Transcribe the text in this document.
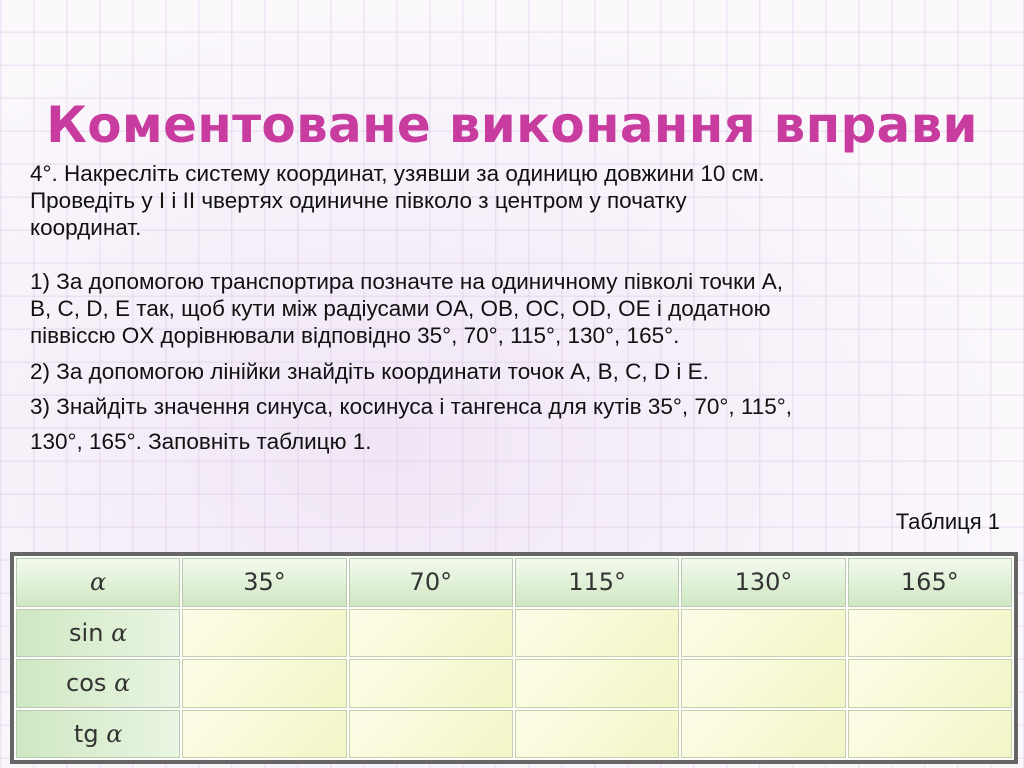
Коментоване виконання вправи

4°. Накресліть систему координат, узявши за одиницю довжини 10 см.

Проведіть у І і ІІ чвертях одиничне півколо з центром у початку

координат.

1) За допомогою транспортира позначте на одиничному півколі точки A,

B, C, D, E так, щоб кути між радіусами OA, OB, OC, OD, OE і додатною

піввіссю OX дорівнювали відповідно 35°, 70°, 115°, 130°, 165°.

2) За допомогою лінійки знайдіть координати точок A, B, C, D і E.

3) Знайдіть значення синуса, косинуса і тангенса для кутів 35°, 70°, 115°,

130°, 165°. Заповніть таблицю 1.

Таблиця 1
α	35°	70°	115°	130°	165°
sin α					
cos α					
tg α					
